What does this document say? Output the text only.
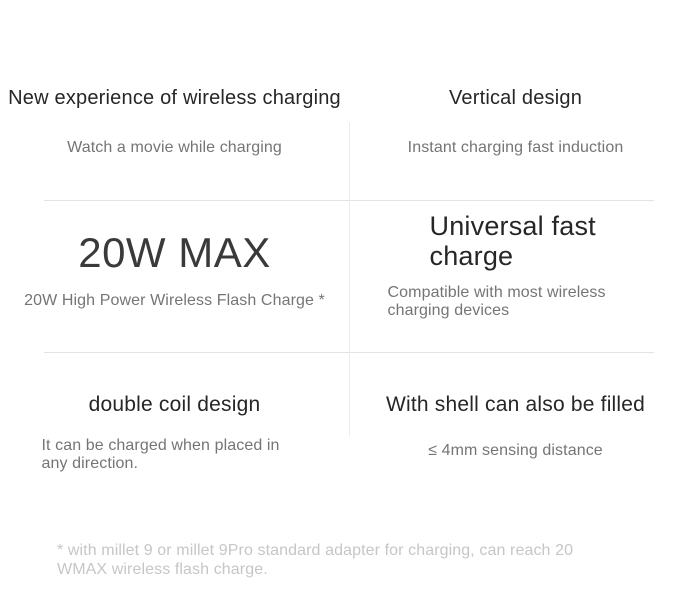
New experience of wireless charging

Watch a movie while charging

Vertical design

Instant charging fast induction

20W MAX

20W High Power Wireless Flash Charge *

Universal fast
charge

Compatible with most wireless
charging devices

double coil design

It can be charged when placed in
any direction.

With shell can also be filled

≤ 4mm sensing distance

* with millet 9 or millet 9Pro standard adapter for charging, can reach 20
WMAX wireless flash charge.
